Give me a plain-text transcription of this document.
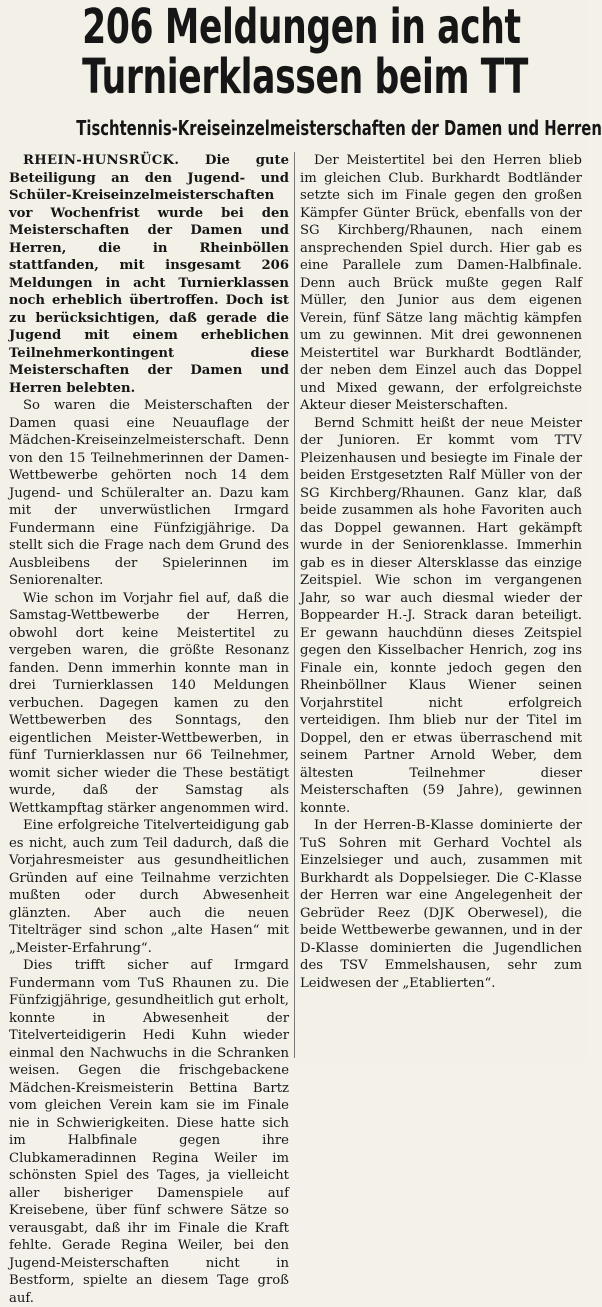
206 Meldungen in acht
Turnierklassen beim TT
Tischtennis-Kreiseinzelmeisterschaften der Damen und Herren

RHEIN-HUNSRÜCK. Die gute Beteiligung an den Jugend- und Schüler-Kreiseinzelmeisterschaften vor Wochenfrist wurde bei den Meisterschaften der Damen und Herren, die in Rheinböllen stattfanden, mit insgesamt 206 Meldungen in acht Turnierklassen noch erheblich übertroffen. Doch ist zu berücksichtigen, daß gerade die Jugend mit einem erheblichen Teilnehmerkontingent diese Meisterschaften der Damen und Herren belebten.

So waren die Meisterschaften der Damen quasi eine Neuauflage der Mädchen-Kreiseinzelmeisterschaft. Denn von den 15 Teilnehmerinnen der Damen-Wettbewerbe gehörten noch 14 dem Jugend- und Schüleralter an. Dazu kam mit der unverwüstlichen Irmgard Fundermann eine Fünfzigjährige. Da stellt sich die Frage nach dem Grund des Ausbleibens der Spielerinnen im Seniorenalter.

Wie schon im Vorjahr fiel auf, daß die Samstag-Wettbewerbe der Herren, obwohl dort keine Meistertitel zu vergeben waren, die größte Resonanz fanden. Denn immerhin konnte man in drei Turnierklassen 140 Meldungen verbuchen. Dagegen kamen zu den Wettbewerben des Sonntags, den eigentlichen Meister-Wettbewerben, in fünf Turnierklassen nur 66 Teilnehmer, womit sicher wieder die These bestätigt wurde, daß der Samstag als Wettkampftag stärker angenommen wird.

Eine erfolgreiche Titelverteidigung gab es nicht, auch zum Teil dadurch, daß die Vorjahresmeister aus gesundheitlichen Gründen auf eine Teilnahme verzichten mußten oder durch Abwesenheit glänzten. Aber auch die neuen Titelträger sind schon „alte Hasen“ mit „Meister-Erfahrung“.

Dies trifft sicher auf Irmgard Fundermann vom TuS Rhaunen zu. Die Fünfzigjährige, gesundheitlich gut erholt, konnte in Abwesenheit der Titelverteidigerin Hedi Kuhn wieder einmal den Nachwuchs in die Schranken weisen. Gegen die frischgebackene Mädchen-Kreismeisterin Bettina Bartz vom gleichen Verein kam sie im Finale nie in Schwierigkeiten. Diese hatte sich im Halbfinale gegen ihre Clubkameradinnen Regina Weiler im schönsten Spiel des Tages, ja vielleicht aller bisheriger Damenspiele auf Kreisebene, über fünf schwere Sätze so verausgabt, daß ihr im Finale die Kraft fehlte. Gerade Regina Weiler, bei den Jugend-Meisterschaften nicht in Bestform, spielte an diesem Tage groß auf.

Der Meistertitel bei den Herren blieb im gleichen Club. Burkhardt Bodtländer setzte sich im Finale gegen den großen Kämpfer Günter Brück, ebenfalls von der SG Kirchberg/Rhaunen, nach einem ansprechenden Spiel durch. Hier gab es eine Parallele zum Damen-Halbfinale. Denn auch Brück mußte gegen Ralf Müller, den Junior aus dem eigenen Verein, fünf Sätze lang mächtig kämpfen um zu gewinnen. Mit drei gewonnenen Meistertitel war Burkhardt Bodtländer, der neben dem Einzel auch das Doppel und Mixed gewann, der erfolgreichste Akteur dieser Meisterschaften.

Bernd Schmitt heißt der neue Meister der Junioren. Er kommt vom TTV Pleizenhausen und besiegte im Finale der beiden Erstgesetzten Ralf Müller von der SG Kirchberg/Rhaunen. Ganz klar, daß beide zusammen als hohe Favoriten auch das Doppel gewannen. Hart gekämpft wurde in der Seniorenklasse. Immerhin gab es in dieser Altersklasse das einzige Zeitspiel. Wie schon im vergangenen Jahr, so war auch diesmal wieder der Boppearder H.-J. Strack daran beteiligt. Er gewann hauchdünn dieses Zeitspiel gegen den Kisselbacher Henrich, zog ins Finale ein, konnte jedoch gegen den Rheinböllner Klaus Wiener seinen Vorjahrstitel nicht erfolgreich verteidigen. Ihm blieb nur der Titel im Doppel, den er etwas überraschend mit seinem Partner Arnold Weber, dem ältesten Teilnehmer dieser Meisterschaften (59 Jahre), gewinnen konnte.

In der Herren-B-Klasse dominierte der TuS Sohren mit Gerhard Vochtel als Einzelsieger und auch, zusammen mit Burkhardt als Doppelsieger. Die C-Klasse der Herren war eine Angelegenheit der Gebrüder Reez (DJK Oberwesel), die beide Wettbewerbe gewannen, und in der D-Klasse dominierten die Jugendlichen des TSV Emmelshausen, sehr zum Leidwesen der „Etablierten“.
